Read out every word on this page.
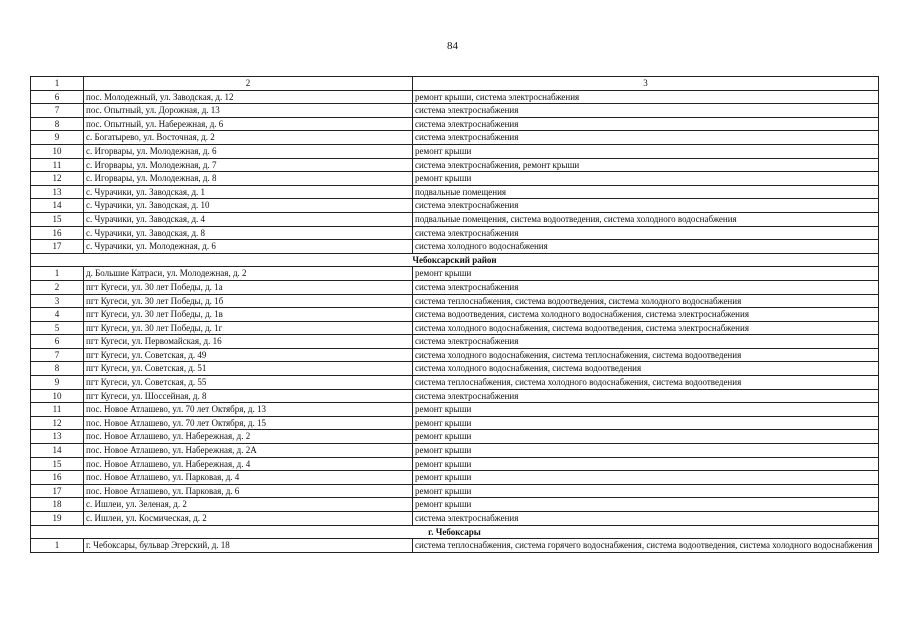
84
1	2	3
6	пос. Молодежный, ул. Заводская, д. 12	ремонт крыши, система электроснабжения
7	пос. Опытный, ул. Дорожная, д. 13	система электроснабжения
8	пос. Опытный, ул. Набережная, д. 6	система электроснабжения
9	с. Богатырево, ул. Восточная, д. 2	система электроснабжения
10	с. Игорвары, ул. Молодежная, д. 6	ремонт крыши
11	с. Игорвары, ул. Молодежная, д. 7	система электроснабжения, ремонт крыши
12	с. Игорвары, ул. Молодежная, д. 8	ремонт крыши
13	с. Чурачики, ул. Заводская, д. 1	подвальные помещения
14	с. Чурачики, ул. Заводская, д. 10	система электроснабжения
15	с. Чурачики, ул. Заводская, д. 4	подвальные помещения, система водоотведения, система холодного водоснабжения
16	с. Чурачики, ул. Заводская, д. 8	система электроснабжения
17	с. Чурачики, ул. Молодежная, д. 6	система холодного водоснабжения
Чебоксарский район		
1	д. Большие Катраси, ул. Молодежная, д. 2	ремонт крыши
2	пгт Кугеси, ул. 30 лет Победы, д. 1а	система электроснабжения
3	пгт Кугеси, ул. 30 лет Победы, д. 1б	система теплоснабжения, система водоотведения, система холодного водоснабжения
4	пгт Кугеси, ул. 30 лет Победы, д. 1в	система водоотведения, система холодного водоснабжения, система электроснабжения
5	пгт Кугеси, ул. 30 лет Победы, д. 1г	система холодного водоснабжения, система водоотведения, система электроснабжения
6	пгт Кугеси, ул. Первомайская, д. 16	система электроснабжения
7	пгт Кугеси, ул. Советская, д. 49	система холодного водоснабжения, система теплоснабжения, система водоотведения
8	пгт Кугеси, ул. Советская, д. 51	система холодного водоснабжения, система водоотведения
9	пгт Кугеси, ул. Советская, д. 55	система теплоснабжения, система холодного водоснабжения, система водоотведения
10	пгт Кугеси, ул. Шоссейная, д. 8	система электроснабжения
11	пос. Новое Атлашево, ул. 70 лет Октября, д. 13	ремонт крыши
12	пос. Новое Атлашево, ул. 70 лет Октября, д. 15	ремонт крыши
13	пос. Новое Атлашево, ул. Набережная, д. 2	ремонт крыши
14	пос. Новое Атлашево, ул. Набережная, д. 2А	ремонт крыши
15	пос. Новое Атлашево, ул. Набережная, д. 4	ремонт крыши
16	пос. Новое Атлашево, ул. Парковая, д. 4	ремонт крыши
17	пос. Новое Атлашево, ул. Парковая, д. 6	ремонт крыши
18	с. Ишлеи, ул. Зеленая, д. 2	ремонт крыши
19	с. Ишлеи, ул. Космическая, д. 2	система электроснабжения
г. Чебоксары		
1	г. Чебоксары, бульвар Эгерский, д. 18	система теплоснабжения, система горячего водоснабжения, система водоотведения, система холодного водоснабжения
